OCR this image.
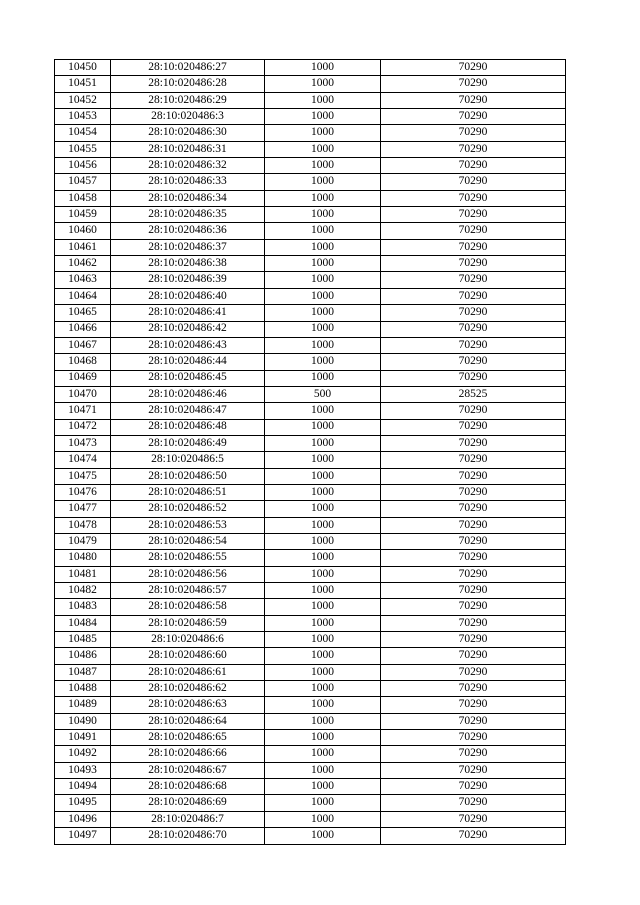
10450	28:10:020486:27	1000	70290
10451	28:10:020486:28	1000	70290
10452	28:10:020486:29	1000	70290
10453	28:10:020486:3	1000	70290
10454	28:10:020486:30	1000	70290
10455	28:10:020486:31	1000	70290
10456	28:10:020486:32	1000	70290
10457	28:10:020486:33	1000	70290
10458	28:10:020486:34	1000	70290
10459	28:10:020486:35	1000	70290
10460	28:10:020486:36	1000	70290
10461	28:10:020486:37	1000	70290
10462	28:10:020486:38	1000	70290
10463	28:10:020486:39	1000	70290
10464	28:10:020486:40	1000	70290
10465	28:10:020486:41	1000	70290
10466	28:10:020486:42	1000	70290
10467	28:10:020486:43	1000	70290
10468	28:10:020486:44	1000	70290
10469	28:10:020486:45	1000	70290
10470	28:10:020486:46	500	28525
10471	28:10:020486:47	1000	70290
10472	28:10:020486:48	1000	70290
10473	28:10:020486:49	1000	70290
10474	28:10:020486:5	1000	70290
10475	28:10:020486:50	1000	70290
10476	28:10:020486:51	1000	70290
10477	28:10:020486:52	1000	70290
10478	28:10:020486:53	1000	70290
10479	28:10:020486:54	1000	70290
10480	28:10:020486:55	1000	70290
10481	28:10:020486:56	1000	70290
10482	28:10:020486:57	1000	70290
10483	28:10:020486:58	1000	70290
10484	28:10:020486:59	1000	70290
10485	28:10:020486:6	1000	70290
10486	28:10:020486:60	1000	70290
10487	28:10:020486:61	1000	70290
10488	28:10:020486:62	1000	70290
10489	28:10:020486:63	1000	70290
10490	28:10:020486:64	1000	70290
10491	28:10:020486:65	1000	70290
10492	28:10:020486:66	1000	70290
10493	28:10:020486:67	1000	70290
10494	28:10:020486:68	1000	70290
10495	28:10:020486:69	1000	70290
10496	28:10:020486:7	1000	70290
10497	28:10:020486:70	1000	70290
